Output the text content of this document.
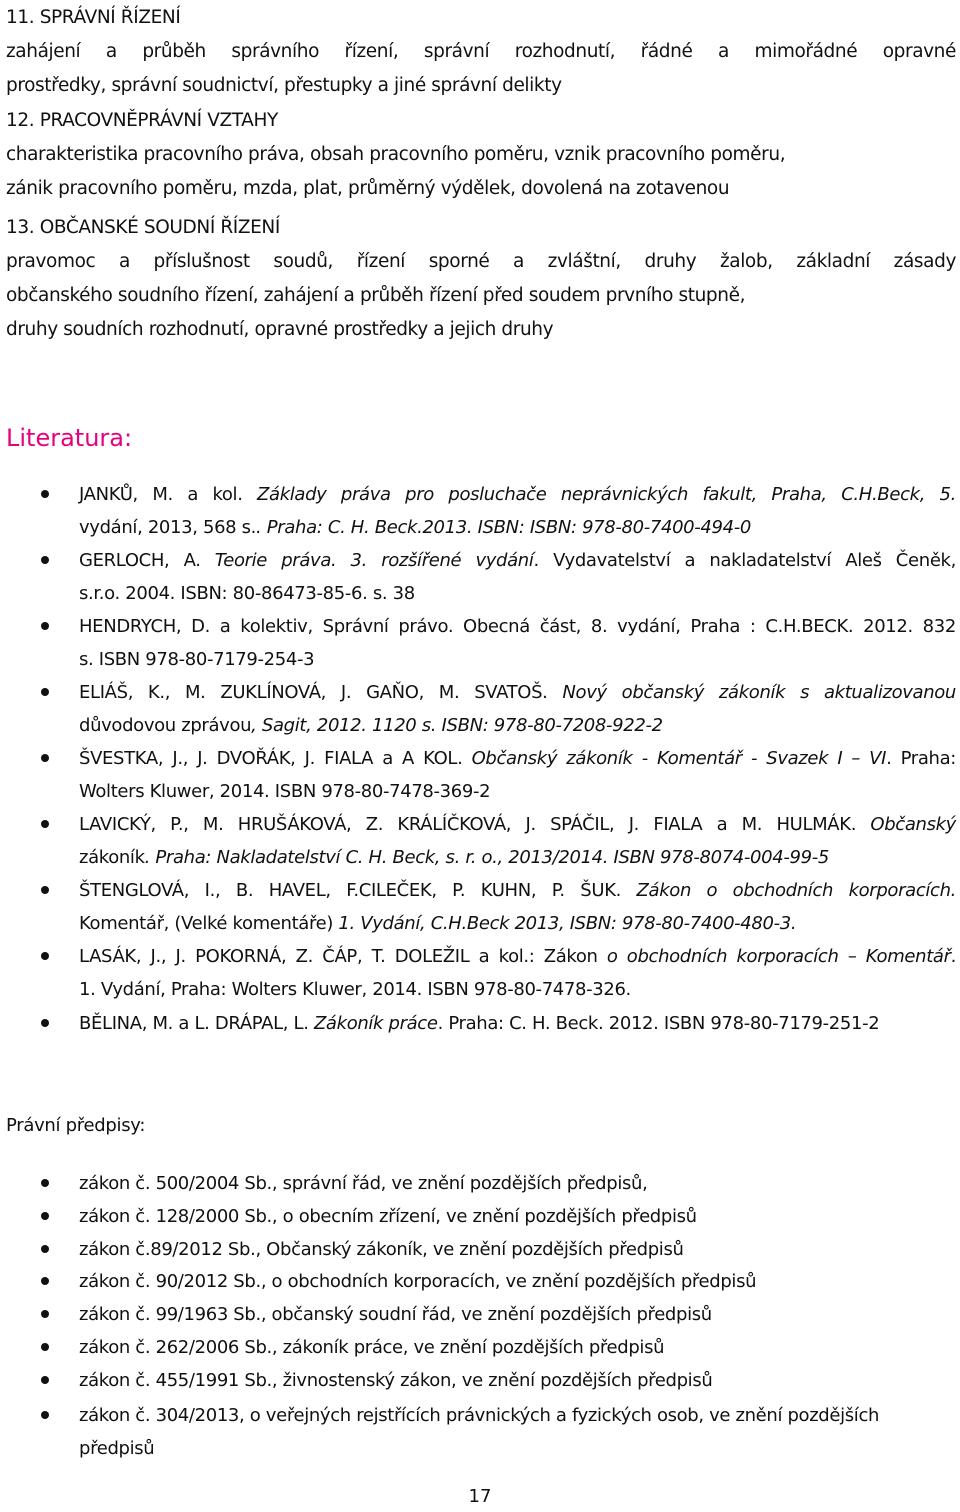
11. SPRÁVNÍ ŘÍZENÍ
zahájení a průběh správního řízení, správní rozhodnutí, řádné a mimořádné opravné
prostředky, správní soudnictví, přestupky a jiné správní delikty
12. PRACOVNĚPRÁVNÍ VZTAHY
charakteristika pracovního práva, obsah pracovního poměru, vznik pracovního poměru,
zánik pracovního poměru, mzda, plat, průměrný výdělek, dovolená na zotavenou
13. OBČANSKÉ SOUDNÍ ŘÍZENÍ
pravomoc a příslušnost soudů, řízení sporné a zvláštní, druhy žalob, základní zásady
občanského soudního řízení, zahájení a průběh řízení před soudem prvního stupně,
druhy soudních rozhodnutí, opravné prostředky a jejich druhy
Literatura:
JANKŮ, M. a kol. Základy práva pro posluchače neprávnických fakult, Praha, C.H.Beck, 5.
vydání, 2013, 568 s.. Praha: C. H. Beck.2013. ISBN: ISBN: 978-80-7400-494-0
GERLOCH, A. Teorie práva. 3. rozšířené vydání. Vydavatelství a nakladatelství Aleš Čeněk,
s.r.o. 2004. ISBN: 80-86473-85-6. s. 38
HENDRYCH, D. a kolektiv, Správní právo. Obecná část, 8. vydání, Praha : C.H.BECK. 2012. 832
s. ISBN 978-80-7179-254-3
ELIÁŠ, K., M. ZUKLÍNOVÁ, J. GAŇO, M. SVATOŠ. Nový občanský zákoník s aktualizovanou
důvodovou zprávou, Sagit, 2012. 1120 s. ISBN: 978-80-7208-922-2
ŠVESTKA, J., J. DVOŘÁK, J. FIALA a A KOL. Občanský zákoník - Komentář - Svazek I – VI. Praha:
Wolters Kluwer, 2014. ISBN 978-80-7478-369-2
LAVICKÝ, P., M. HRUŠÁKOVÁ, Z. KRÁLÍČKOVÁ, J. SPÁČIL, J. FIALA a M. HULMÁK. Občanský
zákoník. Praha: Nakladatelství C. H. Beck, s. r. o., 2013/2014. ISBN 978-8074-004-99-5
ŠTENGLOVÁ, I., B. HAVEL, F.CILEČEK, P. KUHN, P. ŠUK. Zákon o obchodních korporacích.
Komentář, (Velké komentáře) 1. Vydání, C.H.Beck 2013, ISBN: 978-80-7400-480-3.
LASÁK, J., J. POKORNÁ, Z. ČÁP, T. DOLEŽIL a kol.: Zákon o obchodních korporacích – Komentář.
1. Vydání, Praha: Wolters Kluwer, 2014. ISBN 978-80-7478-326.
BĚLINA, M. a L. DRÁPAL, L. Zákoník práce. Praha: C. H. Beck. 2012. ISBN 978-80-7179-251-2
Právní předpisy:
zákon č. 500/2004 Sb., správní řád, ve znění pozdějších předpisů,
zákon č. 128/2000 Sb., o obecním zřízení, ve znění pozdějších předpisů
zákon č.89/2012 Sb., Občanský zákoník, ve znění pozdějších předpisů
zákon č. 90/2012 Sb., o obchodních korporacích, ve znění pozdějších předpisů
zákon č. 99/1963 Sb., občanský soudní řád, ve znění pozdějších předpisů
zákon č. 262/2006 Sb., zákoník práce, ve znění pozdějších předpisů
zákon č. 455/1991 Sb., živnostenský zákon, ve znění pozdějších předpisů
zákon č. 304/2013, o veřejných rejstřících právnických a fyzických osob, ve znění pozdějších
předpisů
17
